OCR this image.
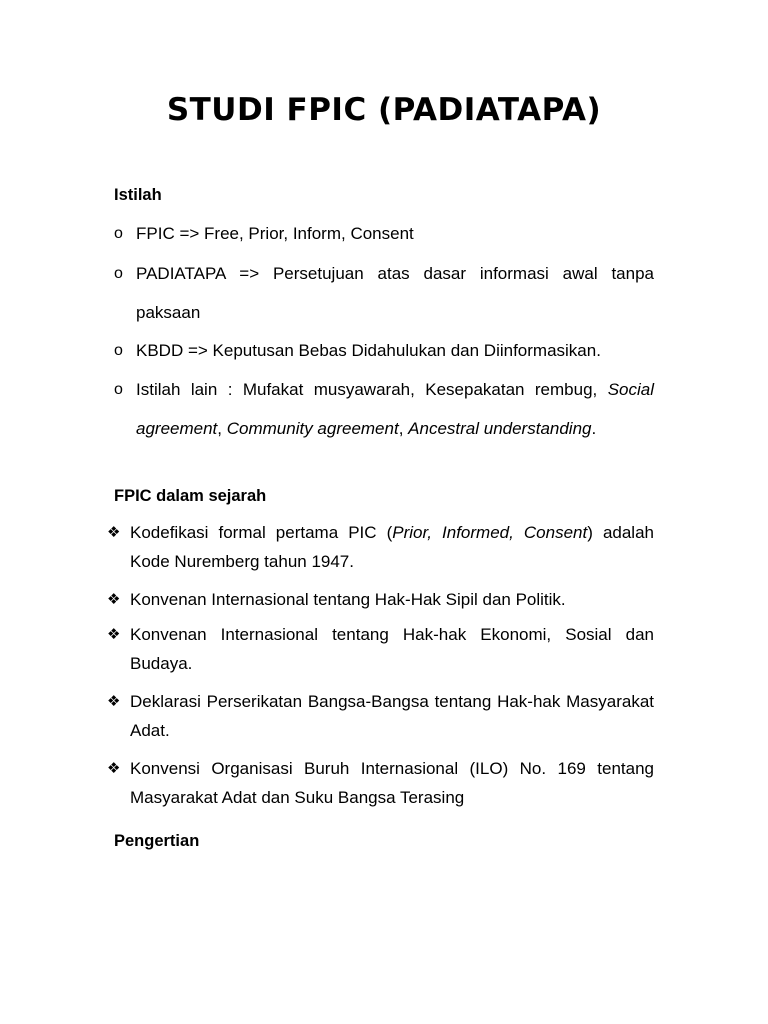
STUDI FPIC (PADIATAPA)
Istilah
o FPIC => Free, Prior, Inform, Consent
o PADIATAPA => Persetujuan atas dasar informasi awal tanpa paksaan
o KBDD => Keputusan Bebas Didahulukan dan Diinformasikan.
o Istilah lain : Mufakat musyawarah, Kesepakatan rembug, Social agreement, Community agreement, Ancestral understanding.
FPIC dalam sejarah
❖ Kodefikasi formal pertama PIC (Prior, Informed, Consent) adalah Kode Nuremberg tahun 1947.
❖ Konvenan Internasional tentang Hak-Hak Sipil dan Politik.
❖ Konvenan Internasional tentang Hak-hak Ekonomi, Sosial dan Budaya.
❖ Deklarasi Perserikatan Bangsa-Bangsa tentang Hak-hak Masyarakat Adat.
❖ Konvensi Organisasi Buruh Internasional (ILO) No. 169 tentang Masyarakat Adat dan Suku Bangsa Terasing
Pengertian
